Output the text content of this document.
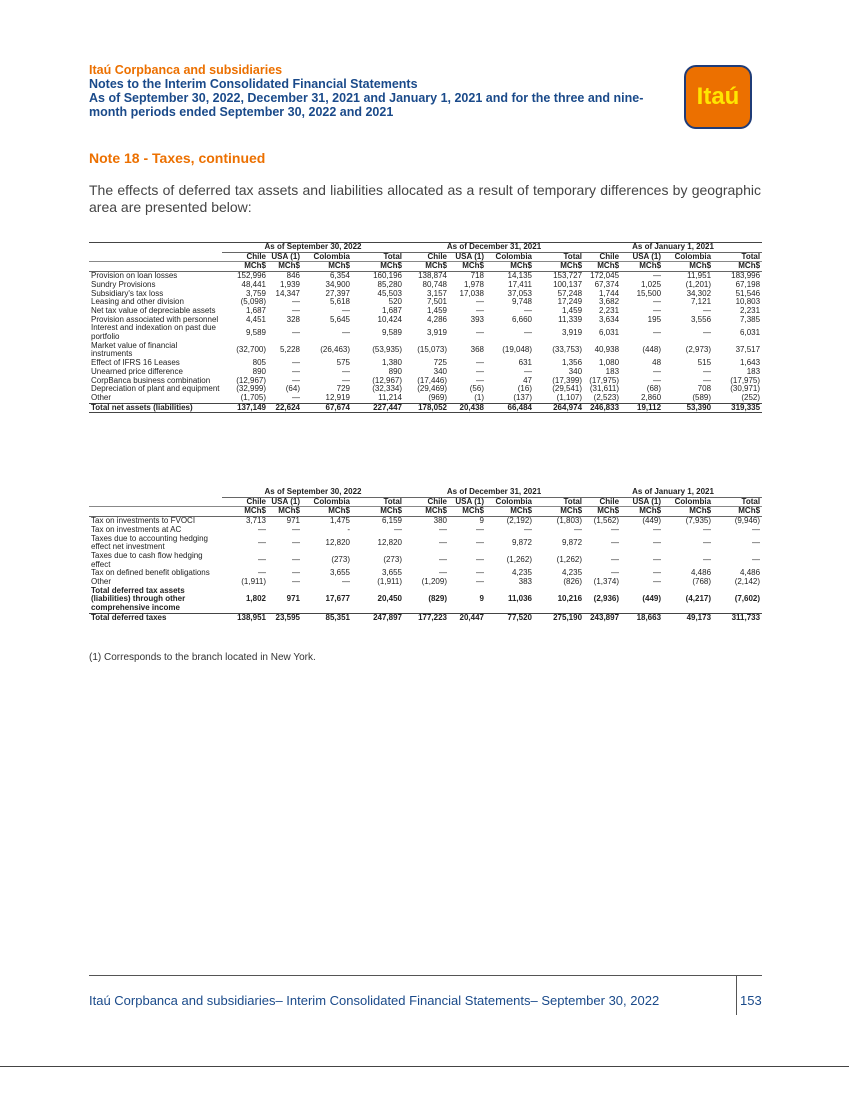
Itaú Corpbanca and subsidiaries
Notes to the Interim Consolidated Financial Statements
As of September 30, 2022, December 31, 2021 and January 1, 2021 and for the three and nine-
month periods ended September 30, 2022 and 2021
Itaú
Note 18 - Taxes, continued
The effects of deferred tax assets and liabilities allocated as a result of temporary differences by geographic area are presented below:
	As of September 30, 2022				As of December 31, 2021				As of January 1, 2021			
	Chile	USA (1)	Colombia	Total	Chile	USA (1)	Colombia	Total	Chile	USA (1)	Colombia	Total
	MCh$	MCh$	MCh$	MCh$	MCh$	MCh$	MCh$	MCh$	MCh$	MCh$	MCh$	MCh$
Provision on loan losses	152,996	846	6,354	160,196	138,874	718	14,135	153,727	172,045	—	11,951	183,996
Sundry Provisions	48,441	1,939	34,900	85,280	80,748	1,978	17,411	100,137	67,374	1,025	(1,201)	67,198
Subsidiary's tax loss	3,759	14,347	27,397	45,503	3,157	17,038	37,053	57,248	1,744	15,500	34,302	51,546
Leasing and other division	(5,098)	—	5,618	520	7,501	—	9,748	17,249	3,682	—	7,121	10,803
Net tax value of depreciable assets	1,687	—	—	1,687	1,459	—	—	1,459	2,231	—	—	2,231
Provision associated with personnel	4,451	328	5,645	10,424	4,286	393	6,660	11,339	3,634	195	3,556	7,385
Interest and indexation on past due portfolio	9,589	—	—	9,589	3,919	—	—	3,919	6,031	—	—	6,031
Market value of financial instruments	(32,700)	5,228	(26,463)	(53,935)	(15,073)	368	(19,048)	(33,753)	40,938	(448)	(2,973)	37,517
Effect of IFRS 16 Leases	805	—	575	1,380	725	—	631	1,356	1,080	48	515	1,643
Unearned price difference	890	—	—	890	340	—	—	340	183	—	—	183
CorpBanca business combination	(12,967)	—	—	(12,967)	(17,446)	—	47	(17,399)	(17,975)	—	—	(17,975)
Depreciation of plant and equipment	(32,999)	(64)	729	(32,334)	(29,469)	(56)	(16)	(29,541)	(31,611)	(68)	708	(30,971)
Other	(1,705)	—	12,919	11,214	(969)	(1)	(137)	(1,107)	(2,523)	2,860	(589)	(252)
Total net assets (liabilities)	137,149	22,624	67,674	227,447	178,052	20,438	66,484	264,974	246,833	19,112	53,390	319,335
	As of September 30, 2022				As of December 31, 2021				As of January 1, 2021			
	Chile	USA (1)	Colombia	Total	Chile	USA (1)	Colombia	Total	Chile	USA (1)	Colombia	Total
	MCh$	MCh$	MCh$	MCh$	MCh$	MCh$	MCh$	MCh$	MCh$	MCh$	MCh$	MCh$
Tax on investments to FVOCI	3,713	971	1,475	6,159	380	9	(2,192)	(1,803)	(1,562)	(449)	(7,935)	(9,946)
Tax on investments at AC	—	—	-	—	—	—	—	—	—	—	—	—
Taxes due to accounting hedging effect net investment	—	—	12,820	12,820	—	—	9,872	9,872	—	—	—	—
Taxes due to cash flow hedging effect	—	—	(273)	(273)	—	—	(1,262)	(1,262)	—	—	—	—
Tax on defined benefit obligations	—	—	3,655	3,655	—	—	4,235	4,235	—	—	4,486	4,486
Other	(1,911)	—	—	(1,911)	(1,209)	—	383	(826)	(1,374)	—	(768)	(2,142)
Total deferred tax assets (liabilities) through other comprehensive income	1,802	971	17,677	20,450	(829)	9	11,036	10,216	(2,936)	(449)	(4,217)	(7,602)
Total deferred taxes	138,951	23,595	85,351	247,897	177,223	20,447	77,520	275,190	243,897	18,663	49,173	311,733
(1) Corresponds to the branch located in New York.
Itaú Corpbanca and subsidiaries– Interim Consolidated Financial Statements– September 30, 2022	153
